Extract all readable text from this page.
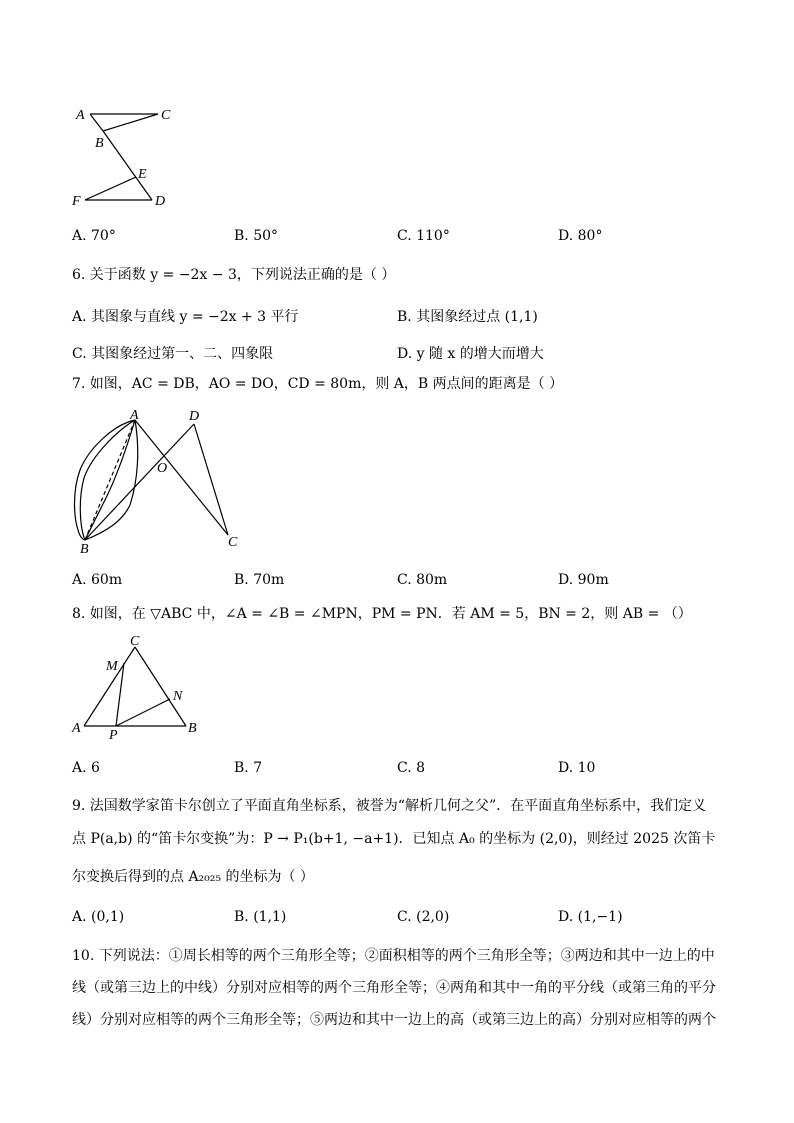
A	C
B
E
F	D
A. 70°	B. 50°	C. 110°	D. 80°
6. 关于函数 y = −2x − 3，下列说法正确的是（ ）
A. 其图象与直线 y = −2x + 3 平行	B. 其图象经过点 (1,1)
C. 其图象经过第一、二、四象限	D. y 随 x 的增大而增大
7. 如图，AC = DB，AO = DO，CD = 80m，则 A，B 两点间的距离是（ ）
A	D
O
B	C
A. 60m	B. 70m	C. 80m	D. 90m
8. 如图，在 ▽ABC 中，∠A = ∠B = ∠MPN，PM = PN．若 AM = 5，BN = 2，则 AB = （）
C
M
N
A P	B
A. 6	B. 7	C. 8	D. 10
9. 法国数学家笛卡尔创立了平面直角坐标系，被誉为“解析几何之父”．在平面直角坐标系中，我们定义
点 P(a,b) 的“笛卡尔变换”为：P → P₁(b+1, −a+1)．已知点 A₀ 的坐标为 (2,0)，则经过 2025 次笛卡
尔变换后得到的点 A₂₀₂₅ 的坐标为（ ）
A. (0,1)	B. (1,1)	C. (2,0)	D. (1,−1)
10. 下列说法：①周长相等的两个三角形全等；②面积相等的两个三角形全等；③两边和其中一边上的中
线（或第三边上的中线）分别对应相等的两个三角形全等；④两角和其中一角的平分线（或第三角的平分
线）分别对应相等的两个三角形全等；⑤两边和其中一边上的高（或第三边上的高）分别对应相等的两个
